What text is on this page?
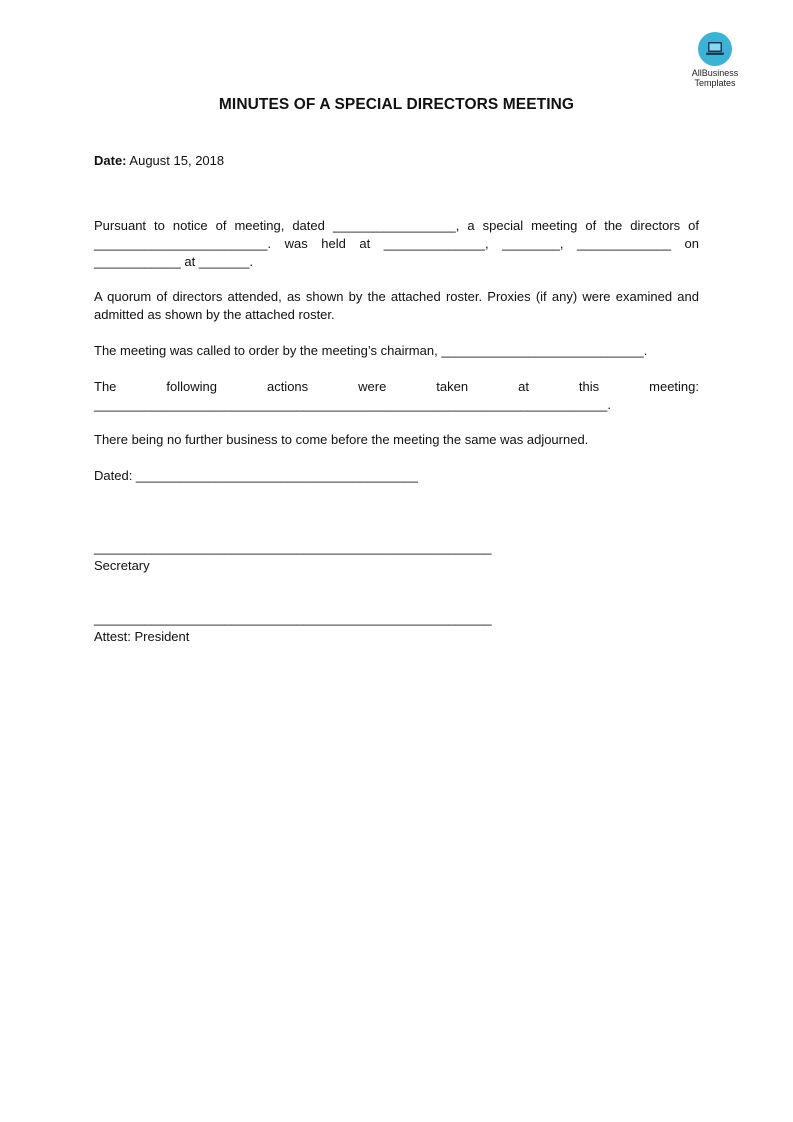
AllBusiness
Templates
MINUTES OF A SPECIAL DIRECTORS MEETING
Date: August 15, 2018
Pursuant to notice of meeting, dated _________________, a special meeting of the directors of
________________________. was held at ______________, ________, _____________ on
____________ at _______.
A quorum of directors attended, as shown by the attached roster. Proxies (if any) were examined and
admitted as shown by the attached roster.
The meeting was called to order by the meeting’s chairman, ____________________________.
The following actions were taken at this meeting:
_______________________________________________________________________.
There being no further business to come before the meeting the same was adjourned.
Dated: _______________________________________
_______________________________________________________
Secretary
_______________________________________________________
Attest: President
